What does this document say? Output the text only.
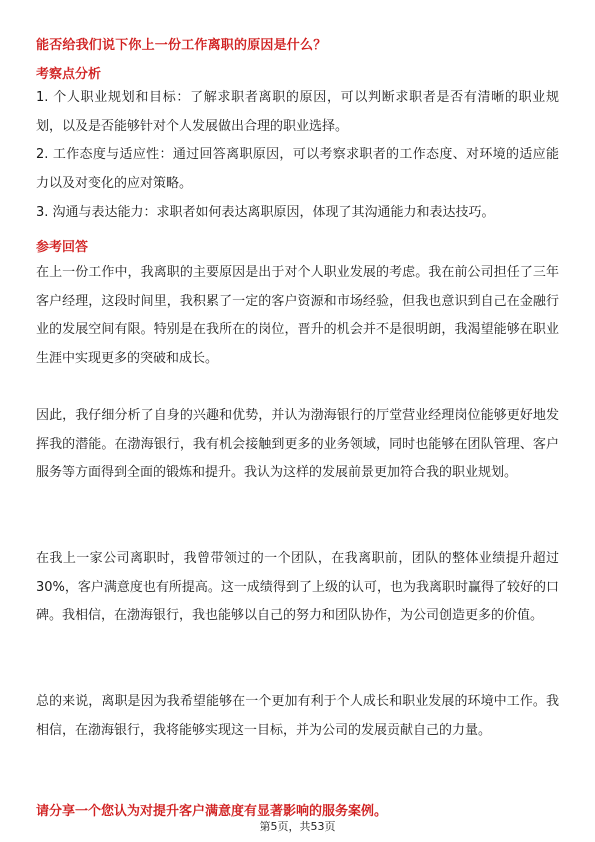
能否给我们说下你上一份工作离职的原因是什么？
考察点分析

1. 个人职业规划和目标：了解求职者离职的原因，可以判断求职者是否有清晰的职业规划，以及是否能够针对个人发展做出合理的职业选择。

2. 工作态度与适应性：通过回答离职原因，可以考察求职者的工作态度、对环境的适应能力以及对变化的应对策略。

3. 沟通与表达能力：求职者如何表达离职原因，体现了其沟通能力和表达技巧。

参考回答

在上一份工作中，我离职的主要原因是出于对个人职业发展的考虑。我在前公司担任了三年客户经理，这段时间里，我积累了一定的客户资源和市场经验，但我也意识到自己在金融行业的发展空间有限。特别是在我所在的岗位，晋升的机会并不是很明朗，我渴望能够在职业生涯中实现更多的突破和成长。

因此，我仔细分析了自身的兴趣和优势，并认为渤海银行的厅堂营业经理岗位能够更好地发挥我的潜能。在渤海银行，我有机会接触到更多的业务领域，同时也能够在团队管理、客户服务等方面得到全面的锻炼和提升。我认为这样的发展前景更加符合我的职业规划。

在我上一家公司离职时，我曾带领过的一个团队，在我离职前，团队的整体业绩提升超过30%，客户满意度也有所提高。这一成绩得到了上级的认可，也为我离职时赢得了较好的口碑。我相信，在渤海银行，我也能够以自己的努力和团队协作，为公司创造更多的价值。

总的来说，离职是因为我希望能够在一个更加有利于个人成长和职业发展的环境中工作。我相信，在渤海银行，我将能够实现这一目标，并为公司的发展贡献自己的力量。

请分享一个您认为对提升客户满意度有显著影响的服务案例。
第5页，共53页
